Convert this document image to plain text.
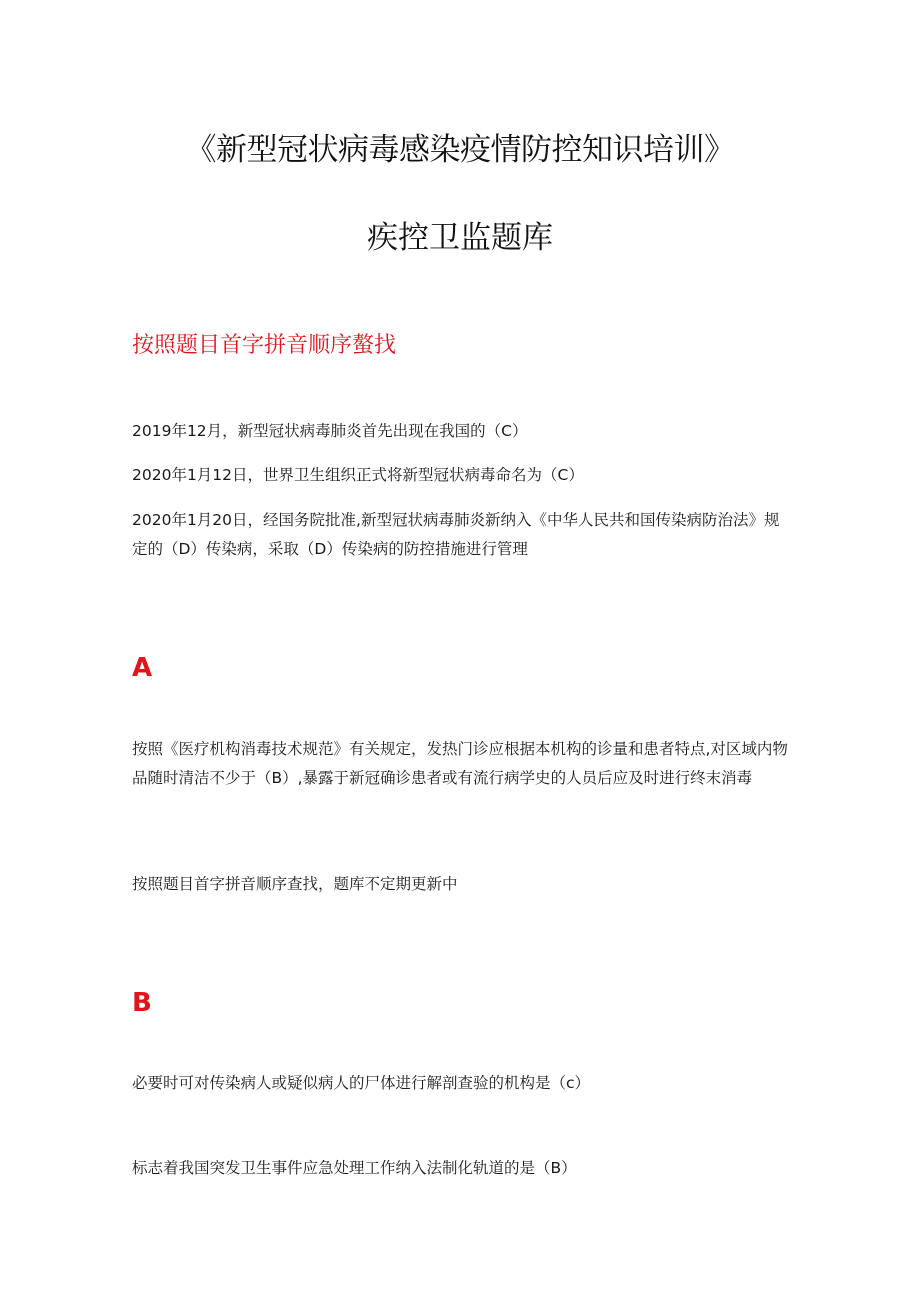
《新型冠状病毒感染疫情防控知识培训》
疾控卫监题库
按照题目首字拼音顺序螯找
2019年12月，新型冠状病毒肺炎首先出现在我国的（C）
2020年1月12日，世界卫生组织正式将新型冠状病毒命名为（C）
2020年1月20日，经国务院批准,新型冠状病毒肺炎新纳入《中华人民共和国传染病防治法》规定的（D）传染病，采取（D）传染病的防控措施进行管理
A
按照《医疗机构消毒技术规范》有关规定，发热门诊应根据本机构的诊量和患者特点,对区域内物品随时清洁不少于（B）,暴露于新冠确诊患者或有流行病学史的人员后应及时进行终末消毒
按照题目首字拼音顺序查找，题库不定期更新中
B
必要时可对传染病人或疑似病人的尸体进行解剖查验的机构是（c）
标志着我国突发卫生事件应急处理工作纳入法制化轨道的是（B）
